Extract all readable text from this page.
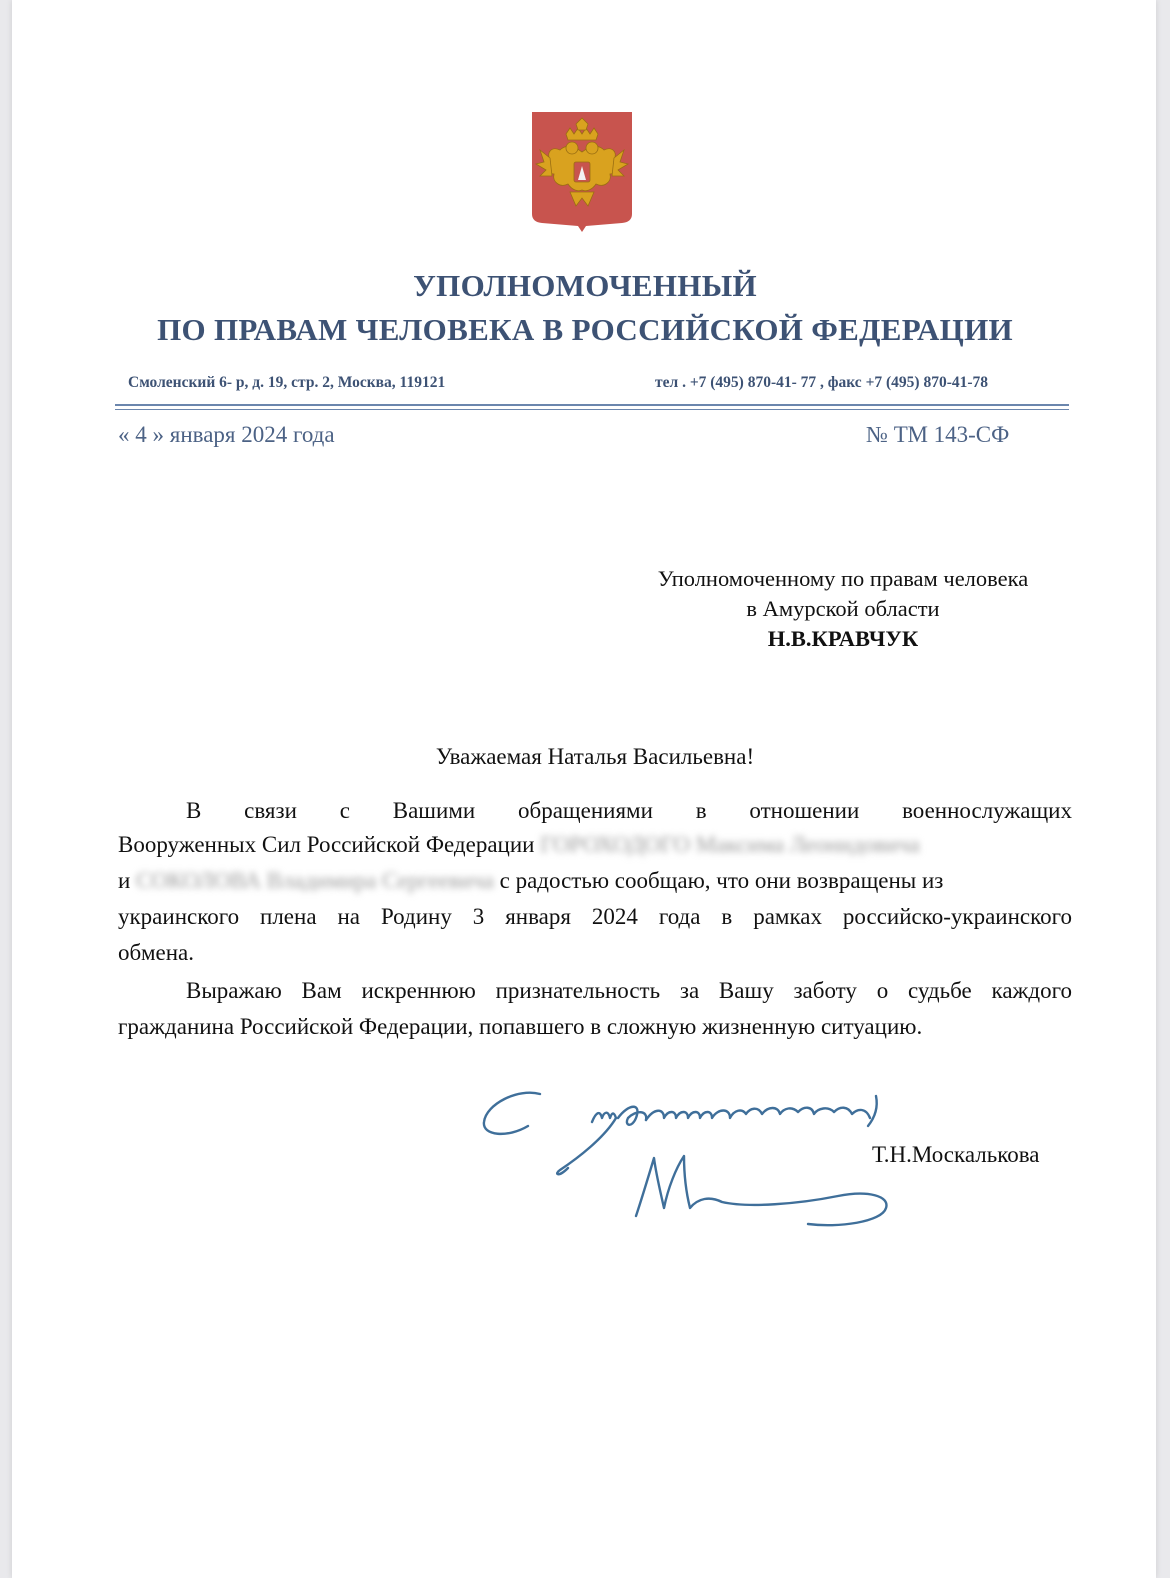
УПОЛНОМОЧЕННЫЙ
ПО ПРАВАМ ЧЕЛОВЕКА В РОССИЙСКОЙ ФЕДЕРАЦИИ
Смоленский 6- р, д. 19, стр. 2, Москва, 119121	тел . +7 (495) 870-41- 77 , факс +7 (495) 870-41-78
« 4 » января 2024 года	№ ТМ 143-СФ
Уполномоченному по правам человека
в Амурской области
Н.В.КРАВЧУК
Уважаемая Наталья Васильевна!
В связи с Вашими обращениями в отношении военнослужащих
Вооруженных Сил Российской Федерации ГОРОХОДОГО Максима Леонидовича
и СОКОЛОВА Владимира Сергеевича с радостью сообщаю, что они возвращены из
украинского плена на Родину 3 января 2024 года в рамках российско-украинского
обмена.
Выражаю Вам искреннюю признательность за Вашу заботу о судьбе каждого
гражданина Российской Федерации, попавшего в сложную жизненную ситуацию.
Т.Н.Москалькова
